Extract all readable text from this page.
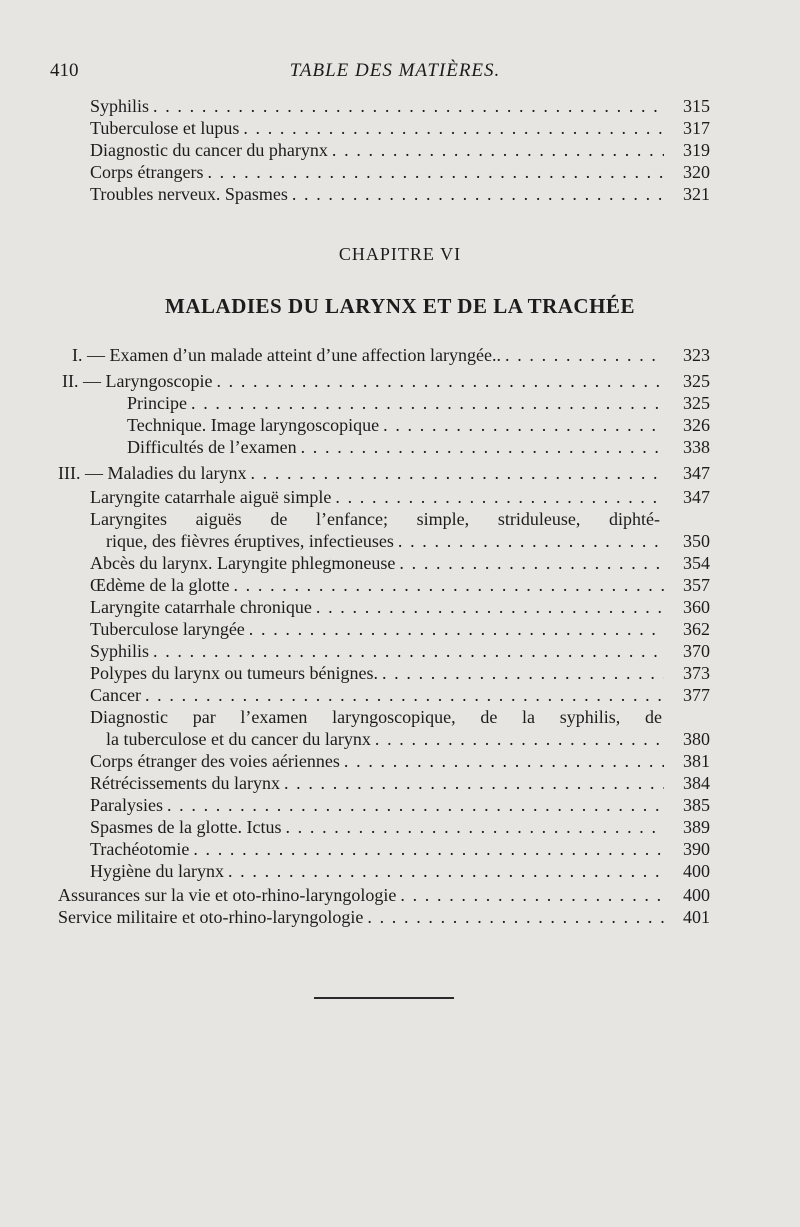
410	TABLE DES MATIÈRES.
Syphilis . . .	315
Tuberculose et lupus . . .	317
Diagnostic du cancer du pharynx . . .	319
Corps étrangers . . .	320
Troubles nerveux. Spasmes . . .	321
CHAPITRE VI
MALADIES DU LARYNX ET DE LA TRACHÉE
I. — Examen d’un malade atteint d’une affection laryngée.. . . .	323
II. — Laryngoscopie . . .	325
Principe . . .	325
Technique. Image laryngoscopique . . .	326
Difficultés de l’examen . . .	338
III. — Maladies du larynx . . .	347
Laryngite catarrhale aiguë simple . . .	347
Laryngites aiguës de l’enfance; simple, striduleuse, diphté-
rique, des fièvres éruptives, infectieuses . . .	350
Abcès du larynx. Laryngite phlegmoneuse . . .	354
Œdème de la glotte . . .	357
Laryngite catarrhale chronique . . .	360
Tuberculose laryngée . . .	362
Syphilis . . .	370
Polypes du larynx ou tumeurs bénignes. . . .	373
Cancer . . .	377
Diagnostic par l’examen laryngoscopique, de la syphilis, de
la tuberculose et du cancer du larynx . . .	380
Corps étranger des voies aériennes . . .	381
Rétrécissements du larynx . . .	384
Paralysies . . .	385
Spasmes de la glotte. Ictus . . .	389
Trachéotomie . . .	390
Hygiène du larynx . . .	400
Assurances sur la vie et oto-rhino-laryngologie . . .	400
Service militaire et oto-rhino-laryngologie . . .	401
